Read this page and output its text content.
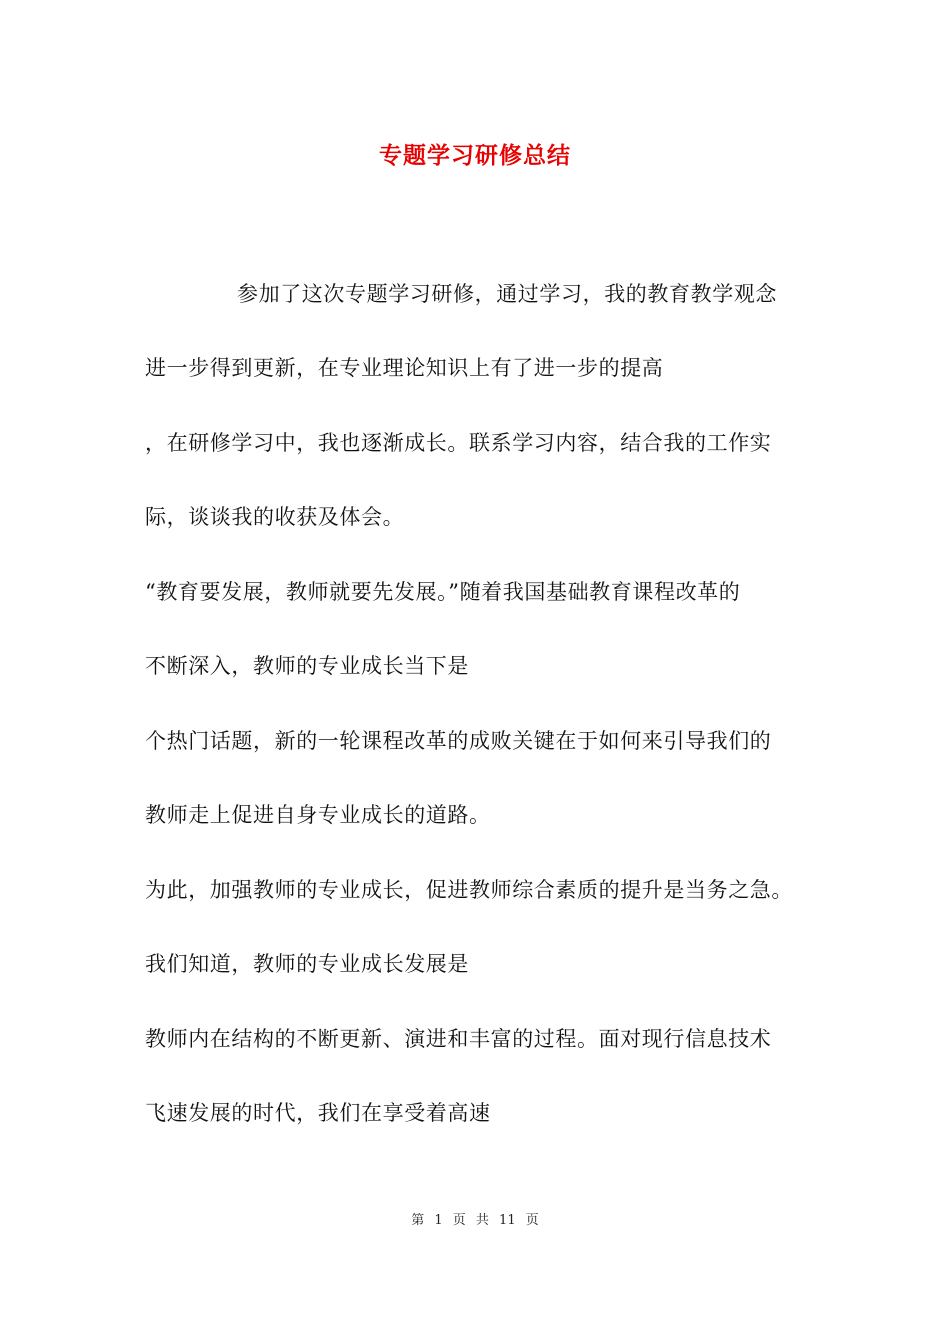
专题学习研修总结
参加了这次专题学习研修，通过学习，我的教育教学观念
进一步得到更新，在专业理论知识上有了进一步的提高
，在研修学习中，我也逐渐成长。联系学习内容，结合我的工作实
际，谈谈我的收获及体会。
“教育要发展，教师就要先发展。”随着我国基础教育课程改革的
不断深入，教师的专业成长当下是
个热门话题，新的一轮课程改革的成败关键在于如何来引导我们的
教师走上促进自身专业成长的道路。
为此，加强教师的专业成长，促进教师综合素质的提升是当务之急。
我们知道，教师的专业成长发展是
教师内在结构的不断更新、演进和丰富的过程。面对现行信息技术
飞速发展的时代，我们在享受着高速
第 1 页 共 11 页
